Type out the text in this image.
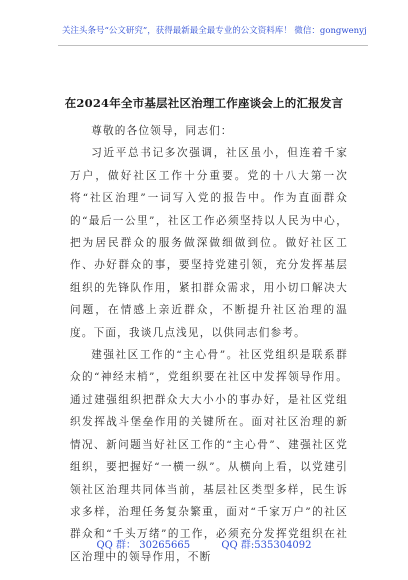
关注头条号“公文研究”，获得最新最全最专业的公文资料库！ 微信：gongwenyj
在2024年全市基层社区治理工作座谈会上的汇报发言

尊敬的各位领导，同志们：

习近平总书记多次强调，社区虽小，但连着千家万户，做好社区工作十分重要。党的十八大第一次将“社区治理”一词写入党的报告中。作为直面群众的“最后一公里”，社区工作必须坚持以人民为中心，把为居民群众的服务做深做细做到位。做好社区工作、办好群众的事，要坚持党建引领，充分发挥基层组织的先锋队作用，紧扣群众需求，用小切口解决大问题，在情感上亲近群众，不断提升社区治理的温度。下面，我谈几点浅见，以供同志们参考。

建强社区工作的“主心骨”。社区党组织是联系群众的“神经末梢”，党组织要在社区中发挥领导作用。通过建强组织把群众大大小小的事办好，是社区党组织发挥战斗堡垒作用的关键所在。面对社区治理的新情况、新问题当好社区工作的“主心骨”、建强社区党组织，要把握好“一横一纵”。从横向上看，以党建引领社区治理共同体当前，基层社区类型多样，民生诉求多样，治理任务复杂繁重，面对“千家万户”的社区群众和“千头万绪”的工作，必须充分发挥党组织在社区治理中的领导作用，不断

QQ 群： 30265665	QQ 群:535304092
